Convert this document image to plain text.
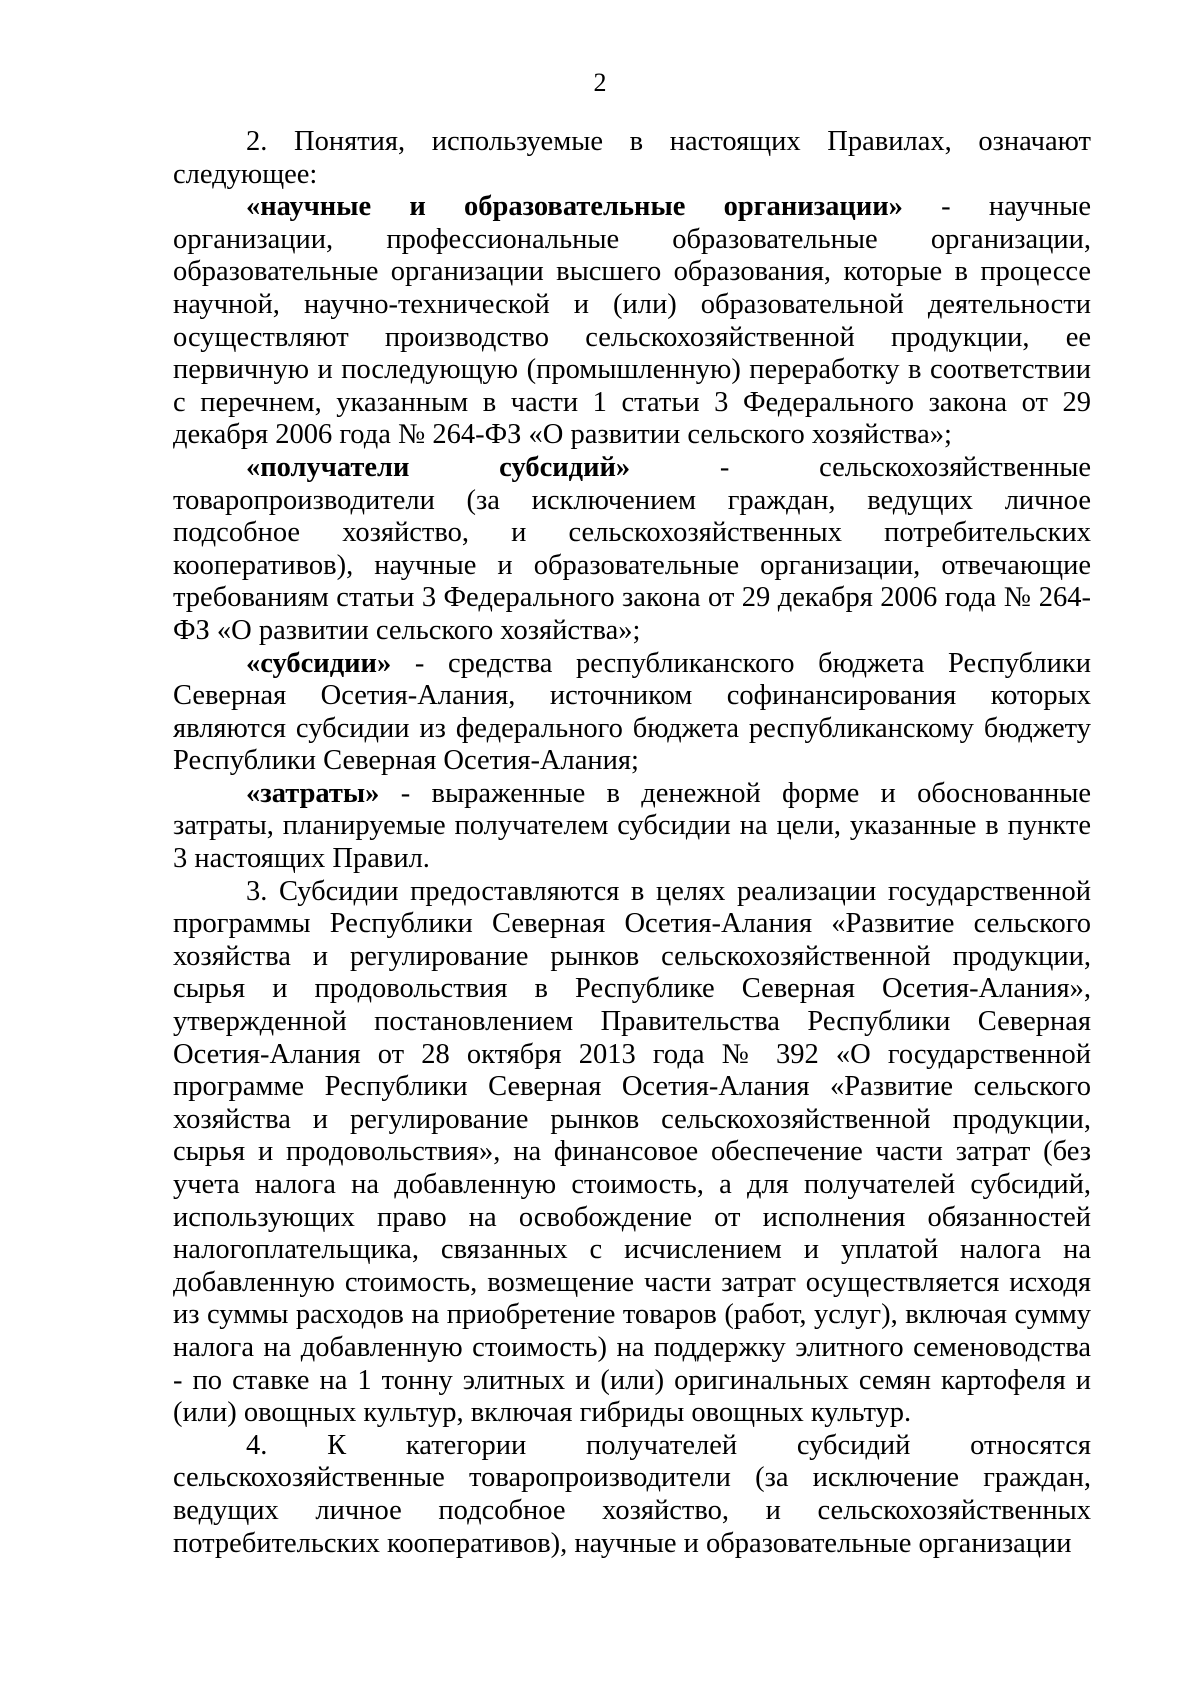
2

2. Понятия, используемые в настоящих Правилах, означают следующее:

«научные и образовательные организации» - научные организации, профессиональные образовательные организации, образовательные организации высшего образования, которые в процессе научной, научно-технической и (или) образовательной деятельности осуществляют производство сельскохозяйственной продукции, ее первичную и последующую (промышленную) переработку в соответствии с перечнем, указанным в части 1 статьи 3 Федерального закона от 29 декабря 2006 года № 264-ФЗ «О развитии сельского хозяйства»;

«получатели субсидий» - сельскохозяйственные товаропроизводители (за исключением граждан, ведущих личное подсобное хозяйство, и сельскохозяйственных потребительских кооперативов), научные и образовательные организации, отвечающие требованиям статьи 3 Федерального закона от 29 декабря 2006 года № 264-ФЗ «О развитии сельского хозяйства»;

«субсидии» - средства республиканского бюджета Республики Северная Осетия-Алания, источником софинансирования которых являются субсидии из федерального бюджета республиканскому бюджету Республики Северная Осетия-Алания;

«затраты» - выраженные в денежной форме и обоснованные затраты, планируемые получателем субсидии на цели, указанные в пункте 3 настоящих Правил.

3. Субсидии предоставляются в целях реализации государственной программы Республики Северная Осетия-Алания «Развитие сельского хозяйства и регулирование рынков сельскохозяйственной продукции, сырья и продовольствия в Республике Северная Осетия-Алания», утвержденной постановлением Правительства Республики Северная Осетия-Алания от 28 октября 2013 года № 392 «О государственной программе Республики Северная Осетия-Алания «Развитие сельского хозяйства и регулирование рынков сельскохозяйственной продукции, сырья и продовольствия», на финансовое обеспечение части затрат (без учета налога на добавленную стоимость, а для получателей субсидий, использующих право на освобождение от исполнения обязанностей налогоплательщика, связанных с исчислением и уплатой налога на добавленную стоимость, возмещение части затрат осуществляется исходя из суммы расходов на приобретение товаров (работ, услуг), включая сумму налога на добавленную стоимость) на поддержку элитного семеноводства - по ставке на 1 тонну элитных и (или) оригинальных семян картофеля и (или) овощных культур, включая гибриды овощных культур.

4. К категории получателей субсидий относятся сельскохозяйственные товаропроизводители (за исключение граждан, ведущих личное подсобное хозяйство, и сельскохозяйственных потребительских кооперативов), научные и образовательные организации
